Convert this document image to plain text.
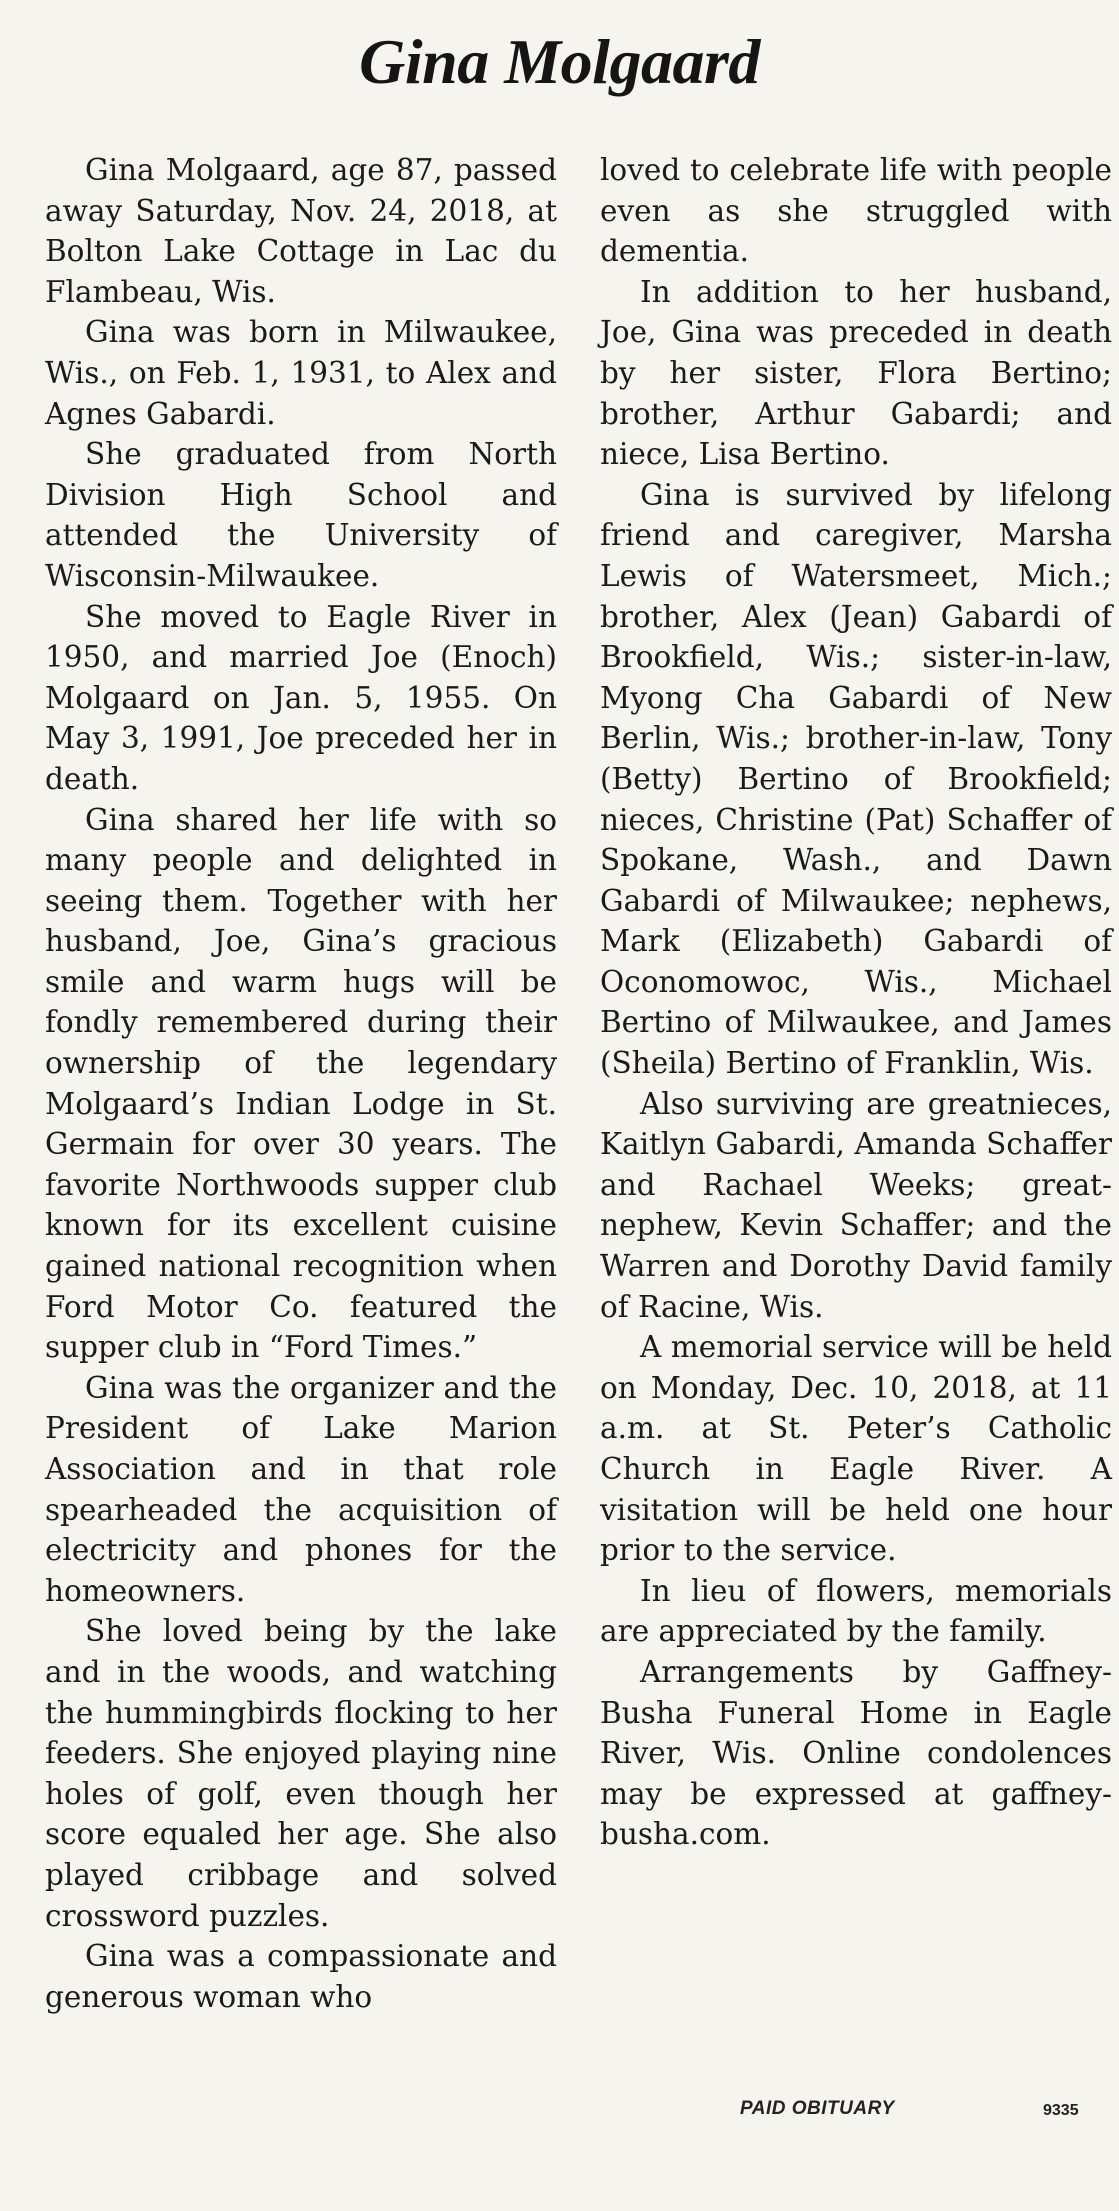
Gina Molgaard

Gina Molgaard, age 87, passed away Saturday, Nov. 24, 2018, at Bolton Lake Cottage in Lac du Flambeau, Wis.

Gina was born in Milwaukee, Wis., on Feb. 1, 1931, to Alex and Agnes Gabardi.

She graduated from North Division High School and attended the University of Wisconsin-Milwaukee.

She moved to Eagle River in 1950, and married Joe (Enoch) Molgaard on Jan. 5, 1955. On May 3, 1991, Joe preceded her in death.

Gina shared her life with so many people and delighted in seeing them. Together with her husband, Joe, Gina’s gracious smile and warm hugs will be fondly remembered during their ownership of the legendary Molgaard’s Indian Lodge in St. Germain for over 30 years. The favorite Northwoods supper club known for its excellent cuisine gained national recognition when Ford Motor Co. featured the supper club in “Ford Times.”

Gina was the organizer and the President of Lake Marion Association and in that role spearheaded the acquisition of electricity and phones for the homeowners.

She loved being by the lake and in the woods, and watching the hummingbirds flocking to her feeders. She enjoyed playing nine holes of golf, even though her score equaled her age. She also played cribbage and solved crossword puzzles.

Gina was a compassionate and generous woman who

loved to celebrate life with people even as she struggled with dementia.

In addition to her husband, Joe, Gina was preceded in death by her sister, Flora Bertino; brother, Arthur Gabardi; and niece, Lisa Bertino.

Gina is survived by lifelong friend and caregiver, Marsha Lewis of Watersmeet, Mich.; brother, Alex (Jean) Gabardi of Brookfield, Wis.; sister-in-law, Myong Cha Gabardi of New Berlin, Wis.; brother-in-law, Tony (Betty) Bertino of Brookfield; nieces, Christine (Pat) Schaffer of Spokane, Wash., and Dawn Gabardi of Milwaukee; nephews, Mark (Elizabeth) Gabardi of Oconomowoc, Wis., Michael Bertino of Milwaukee, and James (Sheila) Bertino of Franklin, Wis.

Also surviving are greatnieces, Kaitlyn Gabardi, Amanda Schaffer and Rachael Weeks; great-nephew, Kevin Schaffer; and the Warren and Dorothy David family of Racine, Wis.

A memorial service will be held on Monday, Dec. 10, 2018, at 11 a.m. at St. Peter’s Catholic Church in Eagle River. A visitation will be held one hour prior to the service.

In lieu of flowers, memorials are appreciated by the family.

Arrangements by Gaffney-Busha Funeral Home in Eagle River, Wis. Online condolences may be expressed at gaffney-busha.com.

PAID OBITUARY	9335
